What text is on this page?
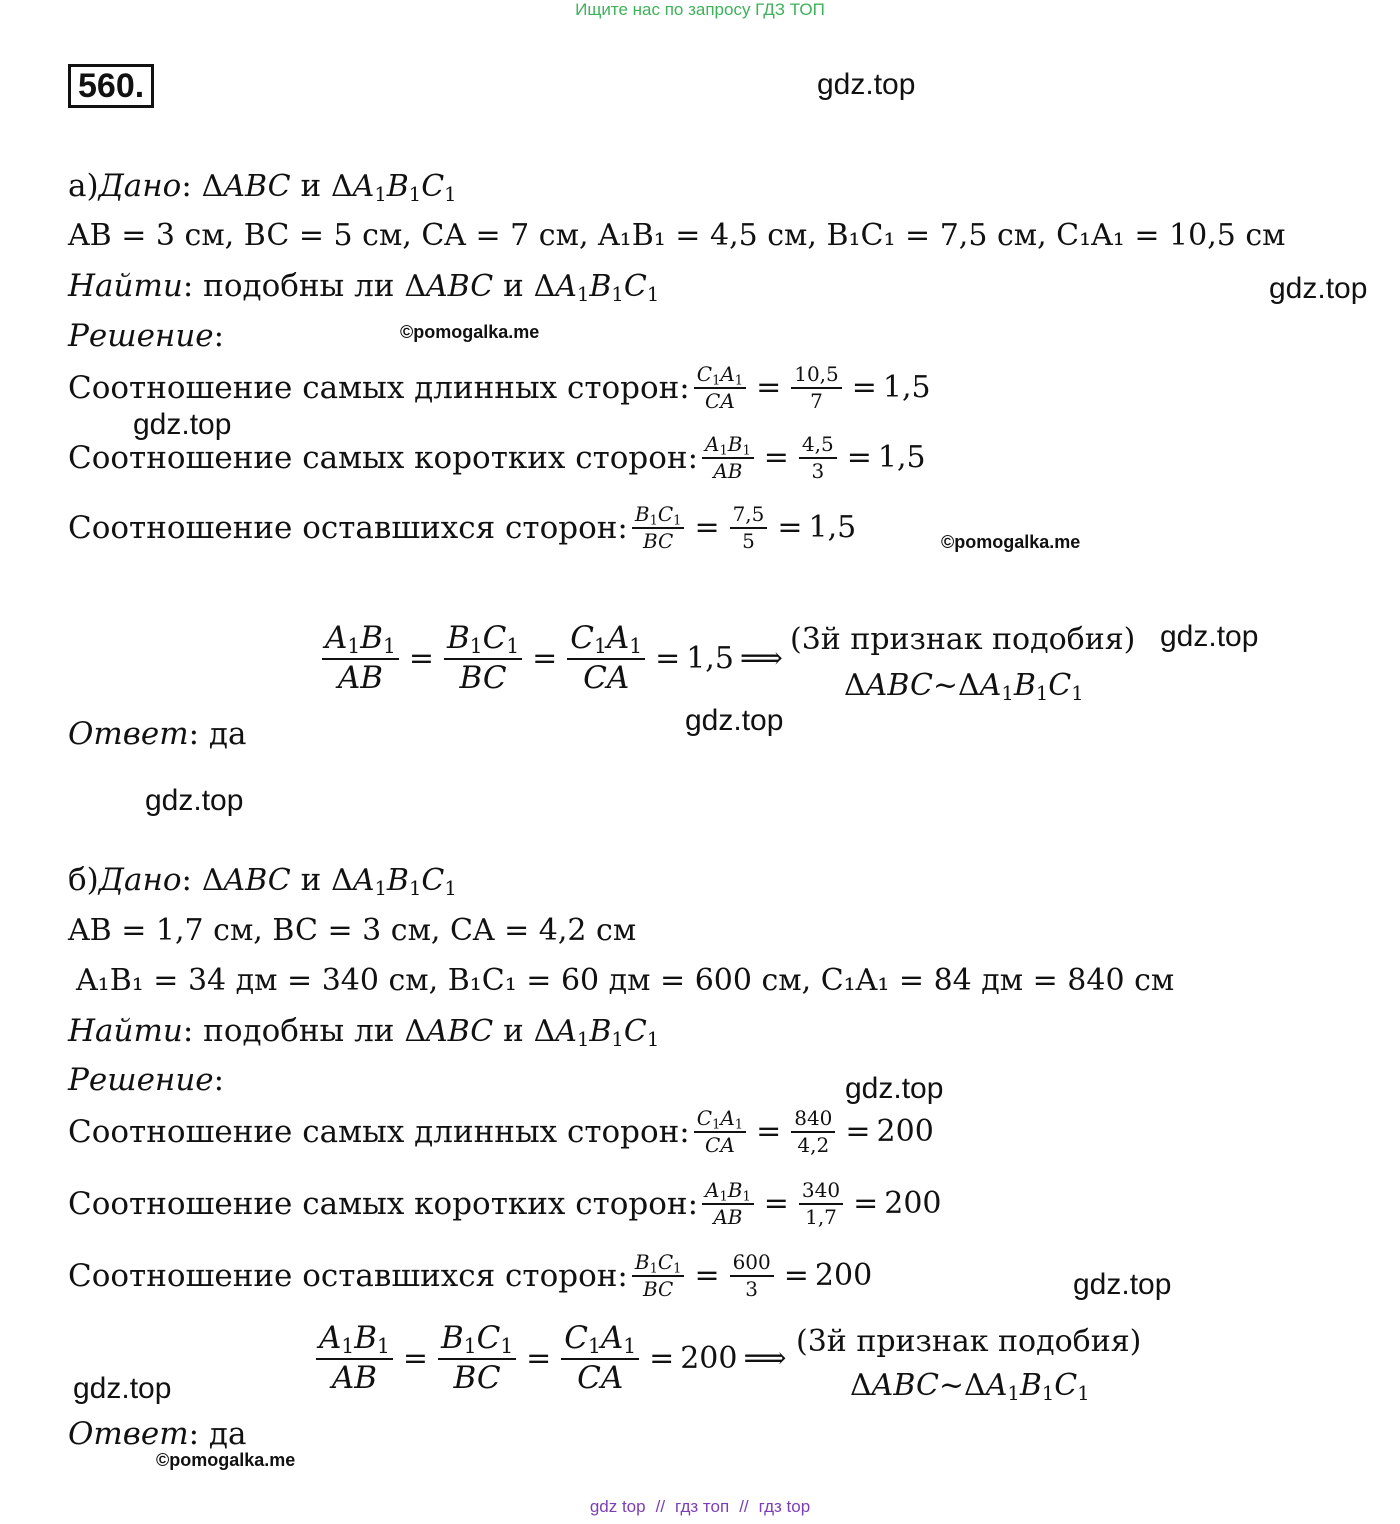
Ищите нас по запросу ГДЗ ТОП
560.	gdz.top
gdz.top
gdz.top
gdz.top
gdz.top
gdz.top
gdz.top
gdz.top
gdz.top
©pomogalka.me
©pomogalka.me
©pomogalka.me
а)Дано: ΔABC и $\Delta A_1B_1C_1$
AB = 3 см, BC = 5 см, CA = 7 см, A₁B₁ = 4,5 см, B₁C₁ = 7,5 см, C₁A₁ = 10,5 см
Найти: подобны ли ΔABC и $\Delta A_1B_1C_1$
Решение:
Соотношение самых длинных сторон: $\frac{C_1A_1}{CA} = \frac{10,5}{7} = 1,5$
Соотношение самых коротких сторон: $\frac{A_1B_1}{AB} = \frac{4,5}{3} = 1,5$
Соотношение оставшихся сторон: $\frac{B_1C_1}{BC} = \frac{7,5}{5} = 1,5$
$\frac{A_1B_1}{AB} = \frac{B_1C_1}{BC} = \frac{C_1A_1}{CA} = 1,5$ ⟹
(3й признак подобия)
$\Delta ABC\sim\Delta A_1B_1C_1$
Ответ: да
б)Дано: ΔABC и $\Delta A_1B_1C_1$
AB = 1,7 см, BC = 3 см, CA = 4,2 см
A₁B₁ = 34 дм = 340 см, B₁C₁ = 60 дм = 600 см, C₁A₁ = 84 дм = 840 см
Найти: подобны ли ΔABC и $\Delta A_1B_1C_1$
Решение:
Соотношение самых длинных сторон: $\frac{C_1A_1}{CA} = \frac{840}{4,2} = 200$
Соотношение самых коротких сторон: $\frac{A_1B_1}{AB} = \frac{340}{1,7} = 200$
Соотношение оставшихся сторон: $\frac{B_1C_1}{BC} = \frac{600}{3} = 200$
$\frac{A_1B_1}{AB} = \frac{B_1C_1}{BC} = \frac{C_1A_1}{CA} = 200$ ⟹ (3й признак подобия)
$\Delta ABC\sim\Delta A_1B_1C_1$
Ответ: да
gdz top // гдз топ // гдз top
